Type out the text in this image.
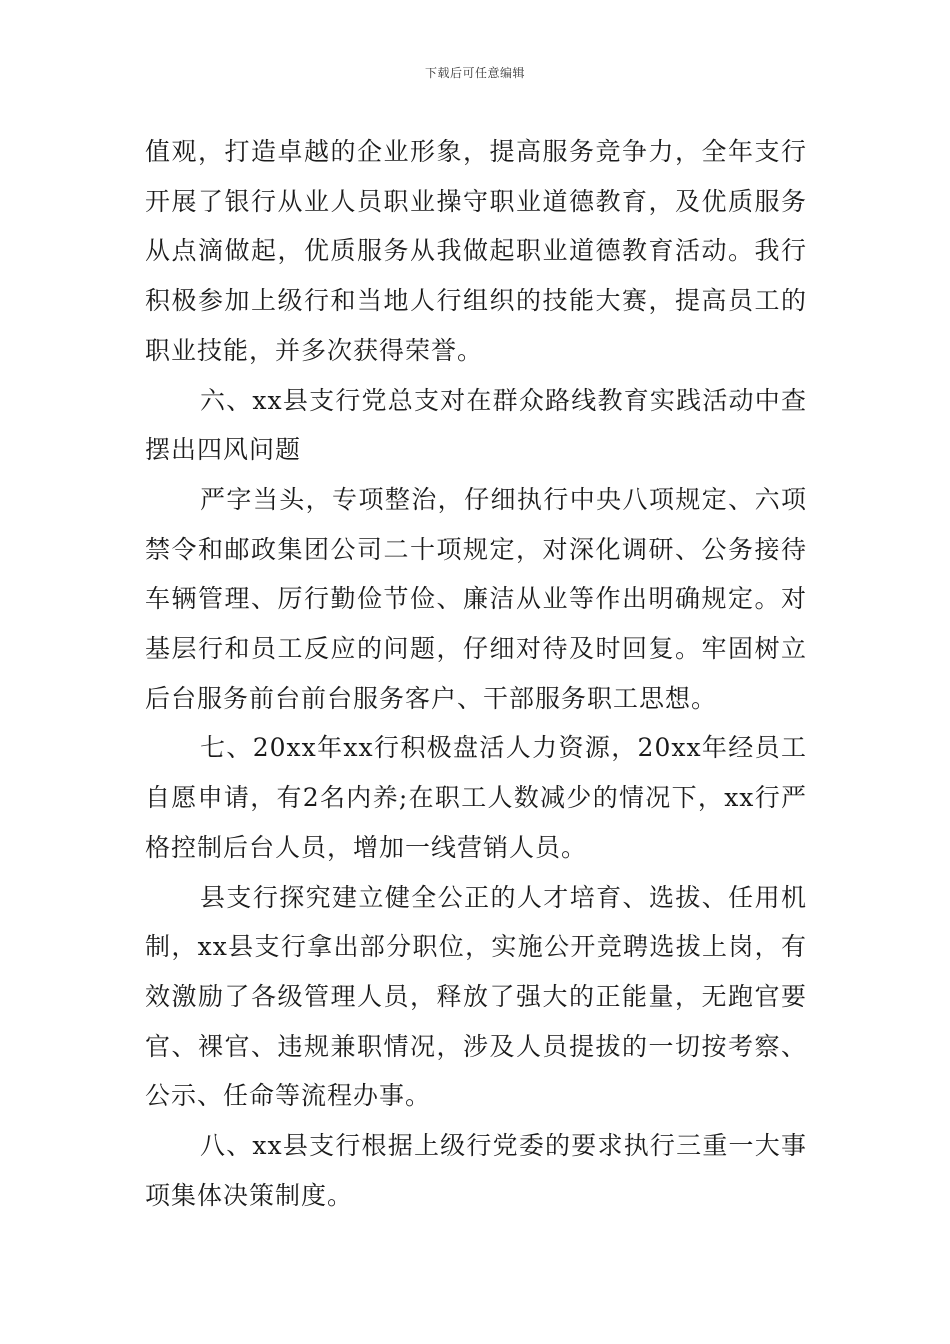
下载后可任意编辑

值观，打造卓越的企业形象，提高服务竞争力，全年支行开展了银行从业人员职业操守职业道德教育，及优质服务从点滴做起，优质服务从我做起职业道德教育活动。我行积极参加上级行和当地人行组织的技能大赛，提高员工的职业技能，并多次获得荣誉。

六、xx县支行党总支对在群众路线教育实践活动中查摆出四风问题

严字当头，专项整治，仔细执行中央八项规定、六项禁令和邮政集团公司二十项规定，对深化调研、公务接待车辆管理、厉行勤俭节俭、廉洁从业等作出明确规定。对基层行和员工反应的问题，仔细对待及时回复。牢固树立后台服务前台前台服务客户、干部服务职工思想。

七、20xx年xx行积极盘活人力资源，20xx年经员工自愿申请，有2名内养;在职工人数减少的情况下，xx行严格控制后台人员，增加一线营销人员。

县支行探究建立健全公正的人才培育、选拔、任用机制，xx县支行拿出部分职位，实施公开竞聘选拔上岗，有效激励了各级管理人员，释放了强大的正能量，无跑官要官、裸官、违规兼职情况，涉及人员提拔的一切按考察、公示、任命等流程办事。

八、xx县支行根据上级行党委的要求执行三重一大事项集体决策制度。
